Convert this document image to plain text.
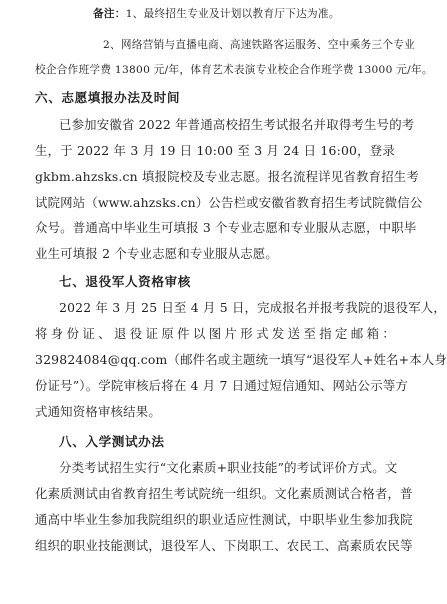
备注：1、最终招生专业及计划以教育厅下达为准。
2、网络营销与直播电商、高速铁路客运服务、空中乘务三个专业
校企合作班学费 13800 元/年，体育艺术表演专业校企合作班学费 13000 元/年。
六、志愿填报办法及时间
已参加安徽省 2022 年普通高校招生考试报名并取得考生号的考
生，于 2022 年 3 月 19 日 10:00 至 3 月 24 日 16:00，登录
gkbm.ahzsks.cn 填报院校及专业志愿。报名流程详见省教育招生考
试院网站（www.ahzsks.cn）公告栏或安徽省教育招生考试院微信公
众号。普通高中毕业生可填报 3 个专业志愿和专业服从志愿，中职毕
业生可填报 2 个专业志愿和专业服从志愿。
七、退役军人资格审核
2022 年 3 月 25 日至 4 月 5 日，完成报名并报考我院的退役军人，
将身份证、退役证原件以图片形式发送至指定邮箱：
329824084@qq.com（邮件名或主题统一填写“退役军人+姓名+本人身
份证号”）。学院审核后将在 4 月 7 日通过短信通知、网站公示等方
式通知资格审核结果。
八、入学测试办法
分类考试招生实行“文化素质+职业技能”的考试评价方式。文
化素质测试由省教育招生考试院统一组织。文化素质测试合格者，普
通高中毕业生参加我院组织的职业适应性测试，中职毕业生参加我院
组织的职业技能测试，退役军人、下岗职工、农民工、高素质农民等
